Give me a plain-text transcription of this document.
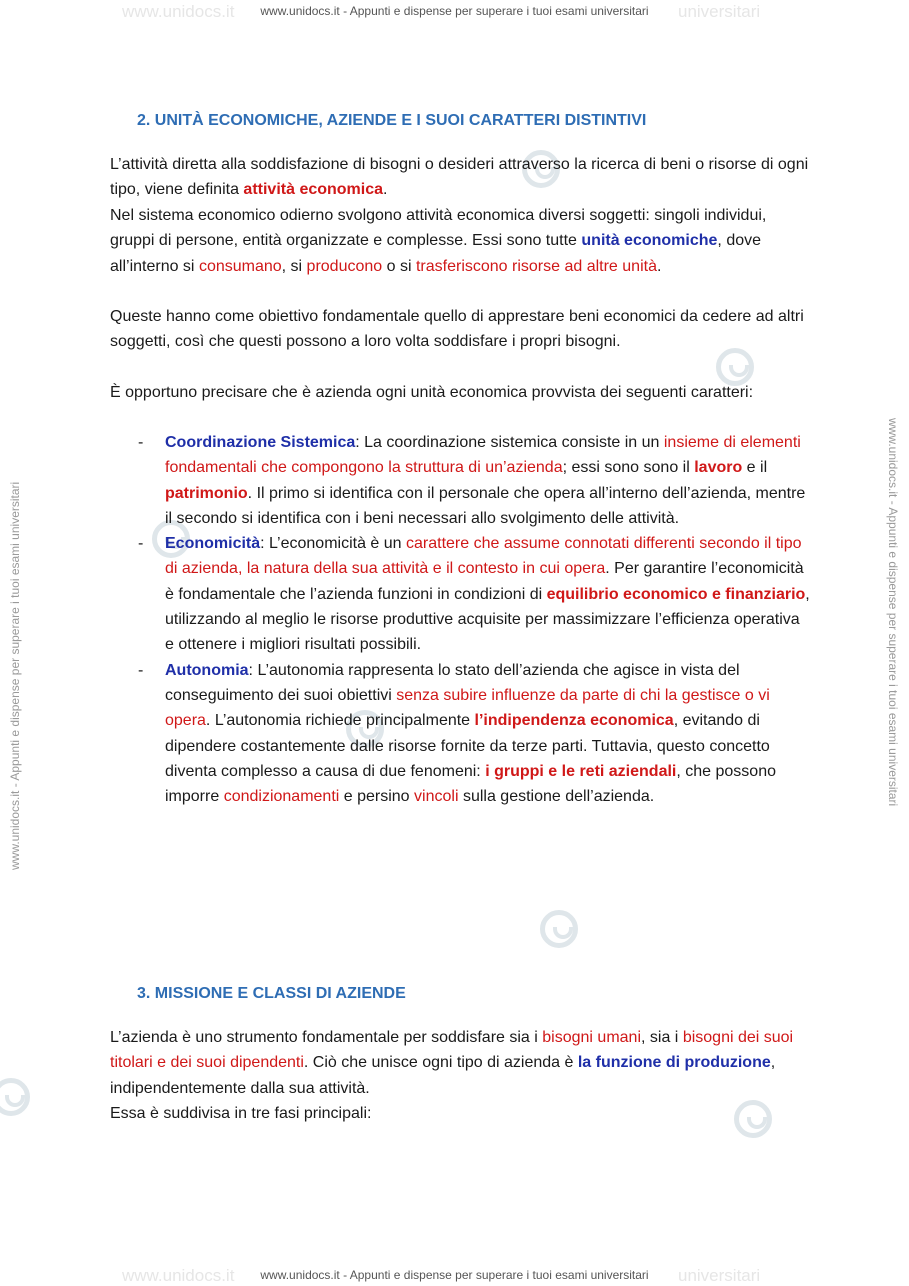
www.unidocs.it	universitari
www.unidocs.it - Appunti e dispense per superare i tuoi esami universitari
www.unidocs.it - Appunti e dispense per superare i tuoi esami universitari	www.unidocs.it - Appunti e dispense per superare i tuoi esami universitari
2. UNITÀ ECONOMICHE, AZIENDE E I SUOI CARATTERI DISTINTIVI

L’attività diretta alla soddisfazione di bisogni o desideri attraverso la ricerca di beni o risorse di ogni tipo, viene definita attività economica.

Nel sistema economico odierno svolgono attività economica diversi soggetti: singoli individui, gruppi di persone, entità organizzate e complesse. Essi sono tutte unità economiche, dove all’interno si consumano, si producono o si trasferiscono risorse ad altre unità.

Queste hanno come obiettivo fondamentale quello di apprestare beni economici da cedere ad altri soggetti, così che questi possono a loro volta soddisfare i propri bisogni.

È opportuno precisare che è azienda ogni unità economica provvista dei seguenti caratteri:

- Coordinazione Sistemica: La coordinazione sistemica consiste in un insieme di elementi fondamentali che compongono la struttura di un’azienda; essi sono sono il lavoro e il patrimonio. Il primo si identifica con il personale che opera all’interno dell’azienda, mentre il secondo si identifica con i beni necessari allo svolgimento delle attività.
- Economicità: L’economicità è un carattere che assume connotati differenti secondo il tipo di azienda, la natura della sua attività e il contesto in cui opera. Per garantire l’economicità è fondamentale che l’azienda funzioni in condizioni di equilibrio economico e finanziario, utilizzando al meglio le risorse produttive acquisite per massimizzare l’efficienza operativa e ottenere i migliori risultati possibili.
- Autonomia: L’autonomia rappresenta lo stato dell’azienda che agisce in vista del conseguimento dei suoi obiettivi senza subire influenze da parte di chi la gestisce o vi opera. L’autonomia richiede principalmente l’indipendenza economica, evitando di dipendere costantemente dalle risorse fornite da terze parti. Tuttavia, questo concetto diventa complesso a causa di due fenomeni: i gruppi e le reti aziendali, che possono imporre condizionamenti e persino vincoli sulla gestione dell’azienda.
3. MISSIONE E CLASSI DI AZIENDE

L’azienda è uno strumento fondamentale per soddisfare sia i bisogni umani, sia i bisogni dei suoi titolari e dei suoi dipendenti. Ciò che unisce ogni tipo di azienda è la funzione di produzione, indipendentemente dalla sua attività.

Essa è suddivisa in tre fasi principali:

www.unidocs.it	universitari
www.unidocs.it - Appunti e dispense per superare i tuoi esami universitari
